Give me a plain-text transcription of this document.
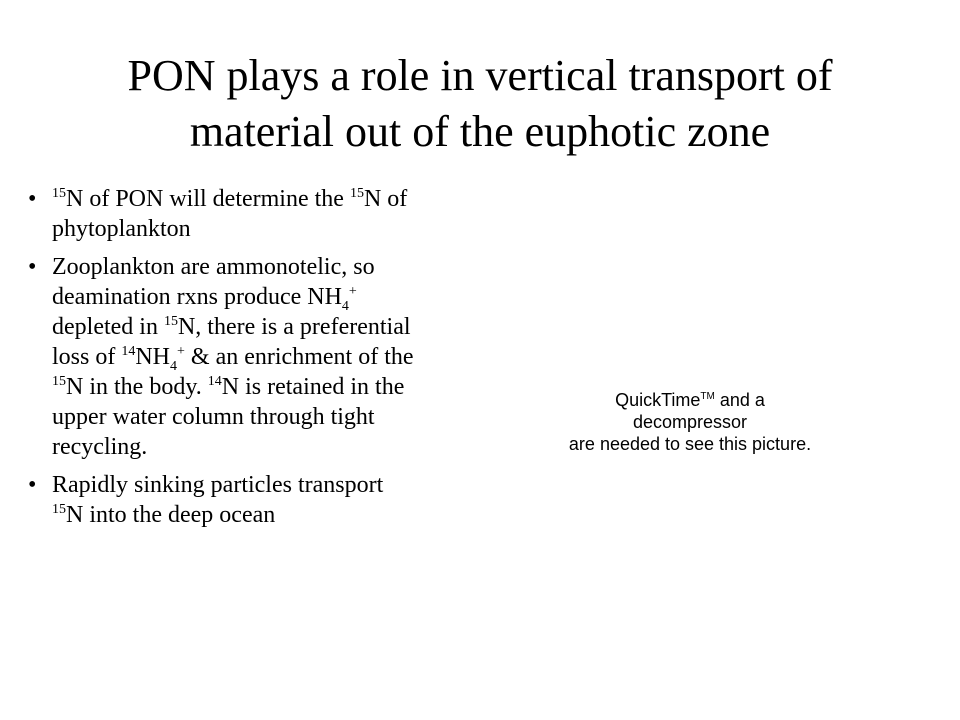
PON plays a role in vertical transport of
material out of the euphotic zone
• $^{15}$N of PON will determine the $^{15}$N of phytoplankton
• Zooplankton are ammonotelic, so deamination rxns produce $NH_4^+$ depleted in $^{15}$N, there is a preferential loss of $^{14}NH_4^+$ & an enrichment of the $^{15}$N in the body. $^{14}$N is retained in the upper water column through tight recycling.
• Rapidly sinking particles transport $^{15}$N into the deep ocean
QuickTime™ and a
decompressor
are needed to see this picture.
